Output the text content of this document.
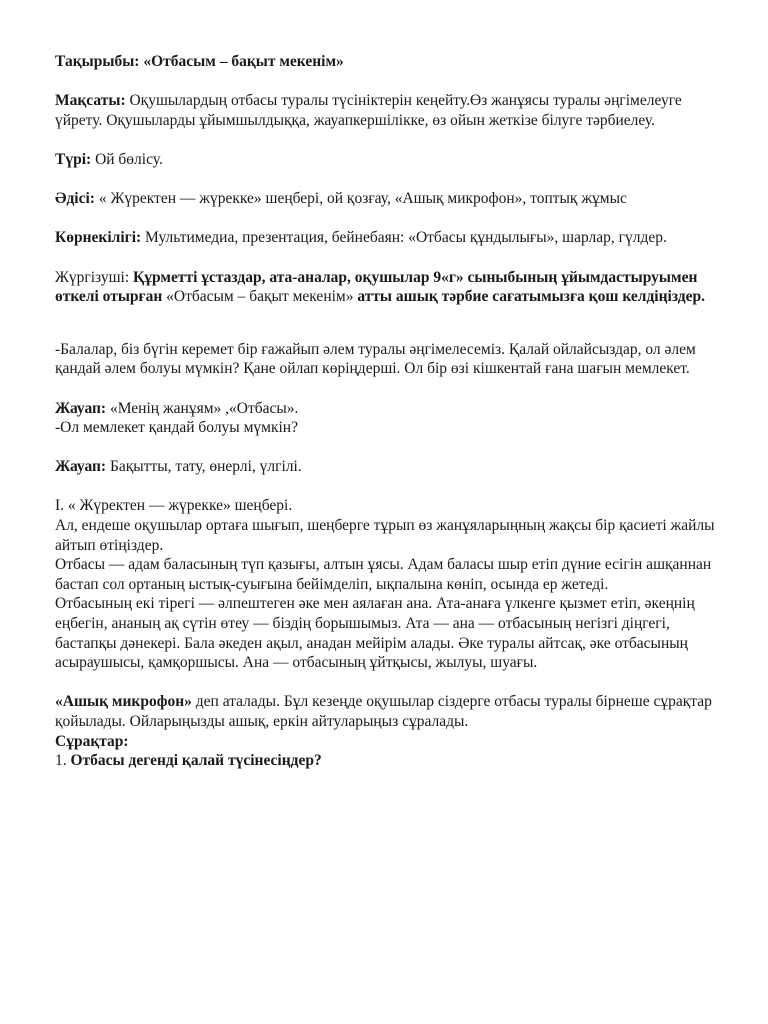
Тақырыбы: «Отбасым – бақыт мекенім»

Мақсаты: Оқушылардың отбасы туралы түсініктерін кеңейту.Өз жанұясы туралы әңгімелеуге үйрету. Оқушыларды ұйымшылдыққа, жауапкершілікке, өз ойын жеткізе білуге тәрбиелеу.

Түрі: Ой бөлісу.

Әдісі: « Жүректен — жүрекке» шеңбері, ой қозғау, «Ашық микрофон», топтық жұмыс

Көрнекілігі: Мультимедиа, презентация, бейнебаян: «Отбасы құндылығы», шарлар, гүлдер.

Жүргізуші: Құрметті ұстаздар, ата-аналар, оқушылар 9«г» сыныбының ұйымдастыруымен өткелі отырған «Отбасым – бақыт мекенім» атты ашық тәрбие сағатымызға қош келдіңіздер.

-Балалар, біз бүгін керемет бір ғажайып әлем туралы әңгімелесеміз. Қалай ойлайсыздар, ол әлем қандай әлем болуы мүмкін? Қане ойлап көріңдерші. Ол бір өзі кішкентай ғана шағын мемлекет.

Жауап: «Менің жанұям» ,«Отбасы».

-Ол мемлекет қандай болуы мүмкін?

Жауап: Бақытты, тату, өнерлі, үлгілі.

I. « Жүректен — жүрекке» шеңбері.

Ал, ендеше оқушылар ортаға шығып, шеңберге тұрып өз жанұяларыңның жақсы бір қасиеті жайлы айтып өтіңіздер.

Отбасы — адам баласының түп қазығы, алтын ұясы. Адам баласы шыр етіп дүние есігін ашқаннан бастап сол ортаның ыстық-суығына бейімделіп, ықпалына көніп, осында ер жетеді.

Отбасының екі тірегі — әлпештеген әке мен аялаған ана. Ата-анаға үлкенге қызмет етіп, әкеңнің еңбегін, ананың ақ сүтін өтеу — біздің борышымыз. Ата — ана — отбасының негізгі діңгегі, бастапқы дәнекері. Бала әкеден ақыл, анадан мейірім алады. Әке туралы айтсақ, әке отбасының асыраушысы, қамқоршысы. Ана — отбасының ұйтқысы, жылуы, шуағы.

«Ашық микрофон» деп аталады. Бұл кезеңде оқушылар сіздерге отбасы туралы бірнеше сұрақтар қойылады. Ойларыңызды ашық, еркін айтуларыңыз сұралады.

Сұрақтар:

1. Отбасы дегенді қалай түсінесіңдер?
